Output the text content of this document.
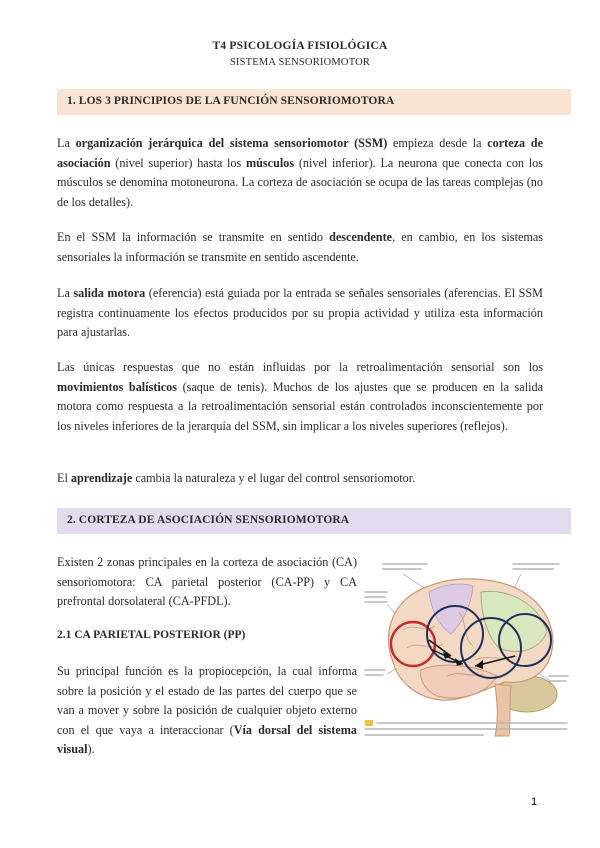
T4 PSICOLOGÍA FISIOLÓGICA
SISTEMA SENSORIOMOTOR
1. LOS 3 PRINCIPIOS DE LA FUNCIÓN SENSORIOMOTORA
La organización jerárquica del sistema sensoriomotor (SSM) empieza desde la corteza de asociación (nivel superior) hasta los músculos (nivel inferior). La neurona que conecta con los músculos se denomina motoneurona. La corteza de asociación se ocupa de las tareas complejas (no de los detalles).
En el SSM la información se transmite en sentido descendente, en cambio, en los sistemas sensoriales la información se transmite en sentido ascendente.
La salida motora (eferencia) está guiada por la entrada se señales sensoriales (aferencias. El SSM registra continuamente los efectos producidos por su propia actividad y utiliza esta información para ajustarlas.
Las únicas respuestas que no están influidas por la retroalimentación sensorial son los movimientos balísticos (saque de tenis). Muchos de los ajustes que se producen en la salida motora como respuesta a la retroalimentación sensorial están controlados inconscientemente por los niveles inferiores de la jerarquía del SSM, sin implicar a los niveles superiores (reflejos).
El aprendizaje cambia la naturaleza y el lugar del control sensoriomotor.
2. CORTEZA DE ASOCIACIÓN SENSORIOMOTORA
Existen 2 zonas principales en la corteza de asociación (CA) sensoriomotora: CA parietal posterior (CA-PP) y CA prefrontal dorsolateral (CA-PFDL).
2.1 CA PARIETAL POSTERIOR (PP)
Su principal función es la propiocepción, la cual informa sobre la posición y el estado de las partes del cuerpo que se van a mover y sobre la posición de cualquier objeto externo con el que vaya a interaccionar (Vía dorsal del sistema visual).
1
